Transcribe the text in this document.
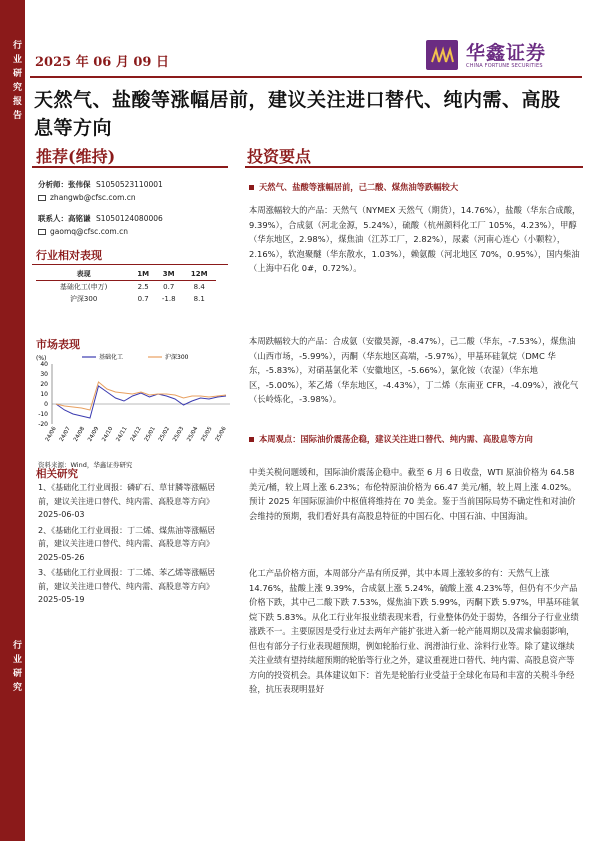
行业研究报告
行业研究
2025 年 06 月 09 日	华鑫证券
CHINA FORTUNE SECURITIES
天然气、盐酸等涨幅居前，建议关注进口替代、纯内需、高股息等方向
推荐(维持)	投资要点
分析师：张伟保 S1050523110001
zhangwb@cfsc.com.cn
联系人：高铭谦 S1050124080006
gaomq@cfsc.com.cn
行业相对表现
表现	1M	3M	12M
基础化工(申万)	2.5	0.7	8.4
沪深300	0.7	-1.8	8.1
市场表现
(%)
40
30
20
10
0
-10
-20
24/06 24/07 24/08 24/09 24/10 24/11 24/12 25/01 25/02 25/03 25/04 25/05 25/06
基础化工	沪深300
资料来源：Wind，华鑫证券研究
相关研究
1、《基础化工行业周报：磷矿石、草甘膦等涨幅居前，建议关注进口替代、纯内需、高股息等方向》
2025-06-03
2、《基础化工行业周报：丁二烯、煤焦油等涨幅居前，建议关注进口替代、纯内需、高股息等方向》
2025-05-26
3、《基础化工行业周报：丁二烯、苯乙烯等涨幅居前，建议关注进口替代、纯内需、高股息等方向》
2025-05-19
天然气、盐酸等涨幅居前，己二酸、煤焦油等跌幅较大
本周涨幅较大的产品：天然气（NYMEX 天然气（期货），14.76%），盐酸（华东合成酸，9.39%），合成氨（河北金源，5.24%），硫酸（杭州颜料化工厂 105%，4.23%），甲醇（华东地区，2.98%），煤焦油（江苏工厂，2.82%），尿素（河南心连心（小颗粒），2.16%），软泡聚醚（华东散水，1.03%），赖氨酸（河北地区 70%，0.95%），国内柴油（上海中石化 0#，0.72%）。
本周跌幅较大的产品：合成氨（安徽昊源，-8.47%），己二酸（华东，-7.53%），煤焦油（山西市场，-5.99%），丙酮（华东地区高端，-5.97%），甲基环硅氧烷（DMC 华东，-5.83%），对硝基氯化苯（安徽地区，-5.66%），氯化铵（农湿）（华东地区，-5.00%），苯乙烯（华东地区，-4.43%），丁二烯（东南亚 CFR，-4.09%），液化气（长岭炼化，-3.98%）。
本周观点：国际油价震荡企稳，建议关注进口替代、纯内需、高股息等方向
中美关税问题缓和，国际油价震荡企稳中。截至 6 月 6 日收盘，WTI 原油价格为 64.58 美元/桶，较上周上涨 6.23%；布伦特原油价格为 66.47 美元/桶，较上周上涨 4.02%。预计 2025 年国际原油价中枢值将维持在 70 美金。鉴于当前国际局势不确定性和对油价会维持的预期，我们看好具有高股息特征的中国石化、中国石油、中国海油。
化工产品价格方面，本周部分产品有所反弹，其中本周上涨较多的有：天然气上涨 14.76%，盐酸上涨 9.39%，合成氨上涨 5.24%，硫酸上涨 4.23%等，但仍有不少产品价格下跌，其中己二酸下跌 7.53%，煤焦油下跌 5.99%，丙酮下跌 5.97%，甲基环硅氧烷下跌 5.83%。从化工行业年报业绩表现来看，行业整体仍处于弱势，各细分子行业业绩涨跌不一。主要原因是受行业过去两年产能扩张进入新一轮产能周期以及需求偏弱影响，但也有部分子行业表现超预期，例如轮胎行业、润滑油行业、涂料行业等。除了建议继续关注业绩有望持续超预期的轮胎等行业之外，建议重视进口替代、纯内需、高股息资产等方向的投资机会。具体建议如下：首先是轮胎行业受益于全球化布局和丰富的关税斗争经验，抗压表现明显好
